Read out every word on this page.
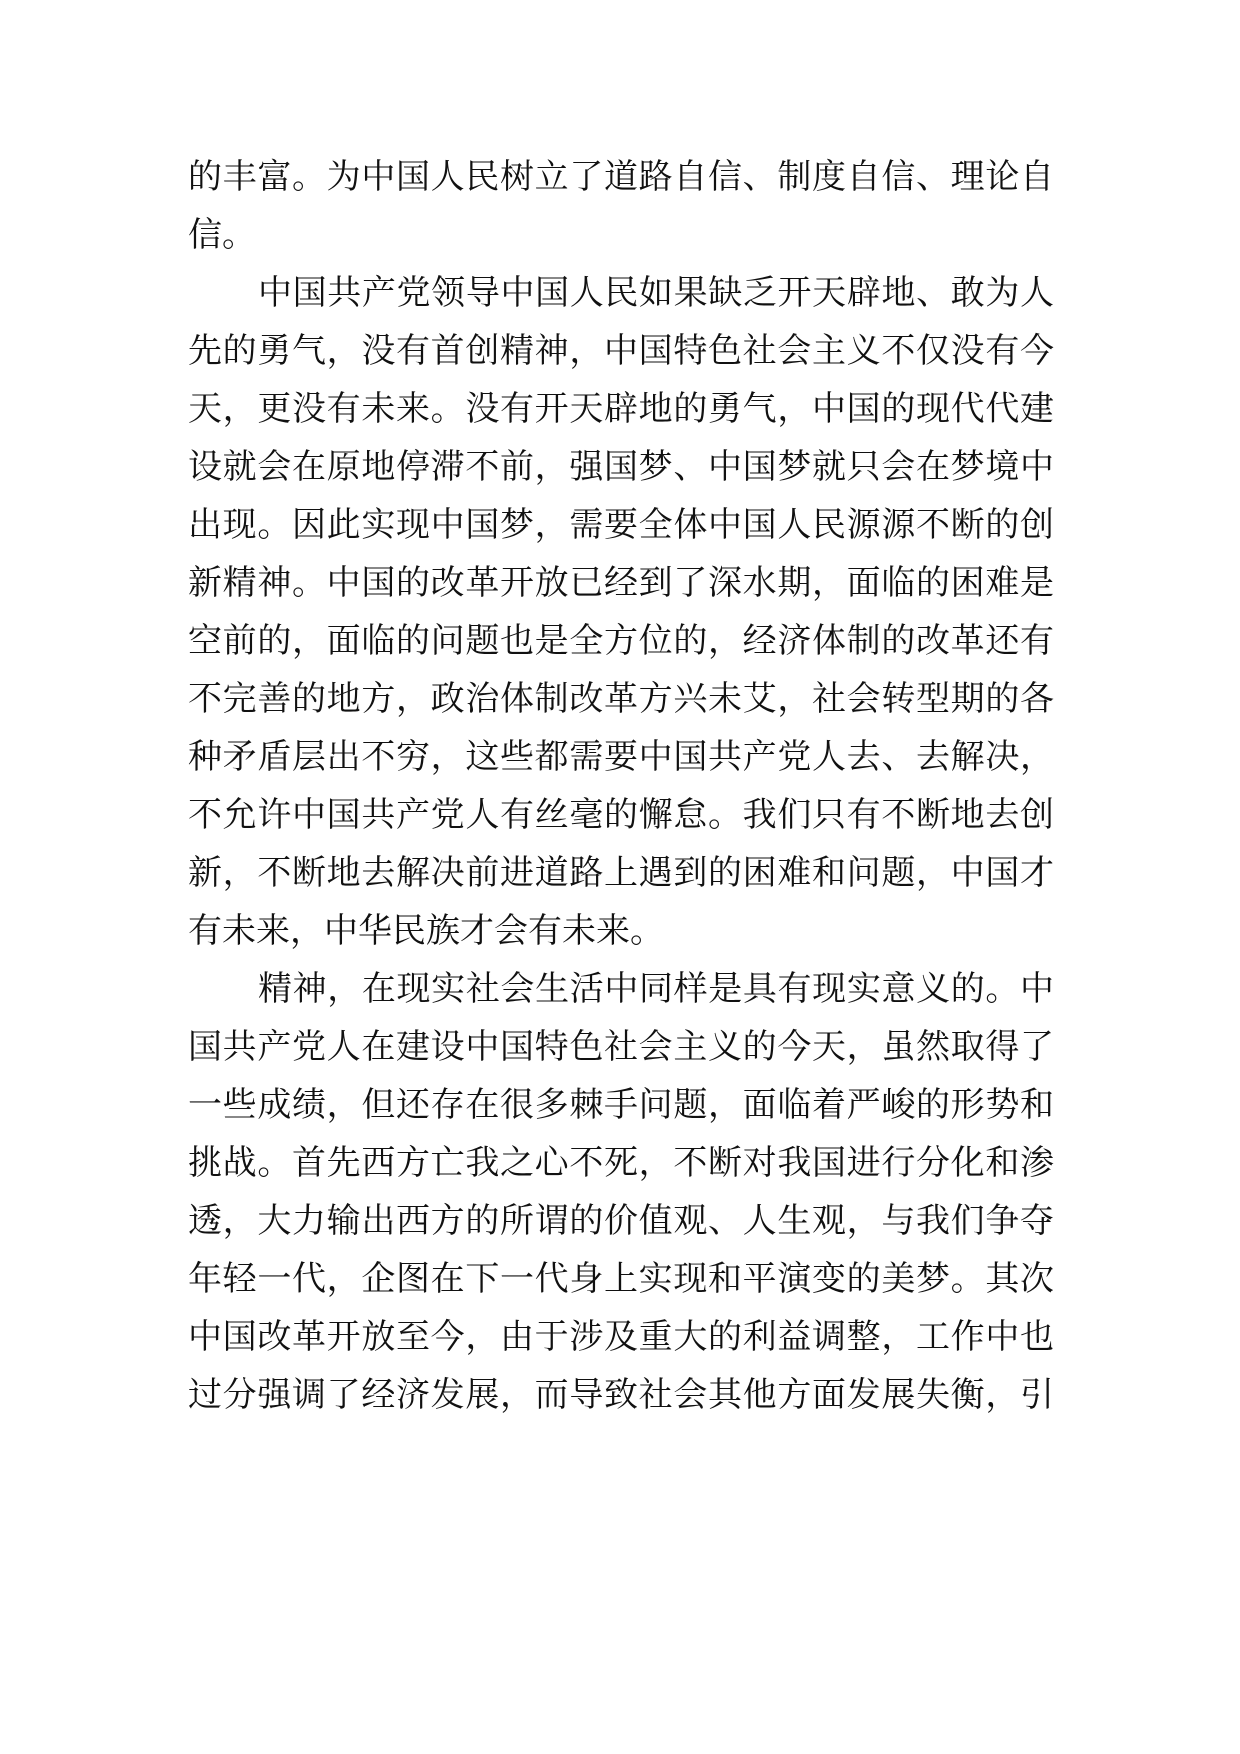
的丰富。为中国人民树立了道路自信、制度自信、理论自
信。
中国共产党领导中国人民如果缺乏开天辟地、敢为人
先的勇气，没有首创精神，中国特色社会主义不仅没有今
天，更没有未来。没有开天辟地的勇气，中国的现代代建
设就会在原地停滞不前，强国梦、中国梦就只会在梦境中
出现。因此实现中国梦，需要全体中国人民源源不断的创
新精神。中国的改革开放已经到了深水期，面临的困难是
空前的，面临的问题也是全方位的，经济体制的改革还有
不完善的地方，政治体制改革方兴未艾，社会转型期的各
种矛盾层出不穷，这些都需要中国共产党人去、去解决，
不允许中国共产党人有丝毫的懈怠。我们只有不断地去创
新，不断地去解决前进道路上遇到的困难和问题，中国才
有未来，中华民族才会有未来。
精神，在现实社会生活中同样是具有现实意义的。中
国共产党人在建设中国特色社会主义的今天，虽然取得了
一些成绩，但还存在很多棘手问题，面临着严峻的形势和
挑战。首先西方亡我之心不死，不断对我国进行分化和渗
透，大力输出西方的所谓的价值观、人生观，与我们争夺
年轻一代，企图在下一代身上实现和平演变的美梦。其次
中国改革开放至今，由于涉及重大的利益调整，工作中也
过分强调了经济发展，而导致社会其他方面发展失衡，引
